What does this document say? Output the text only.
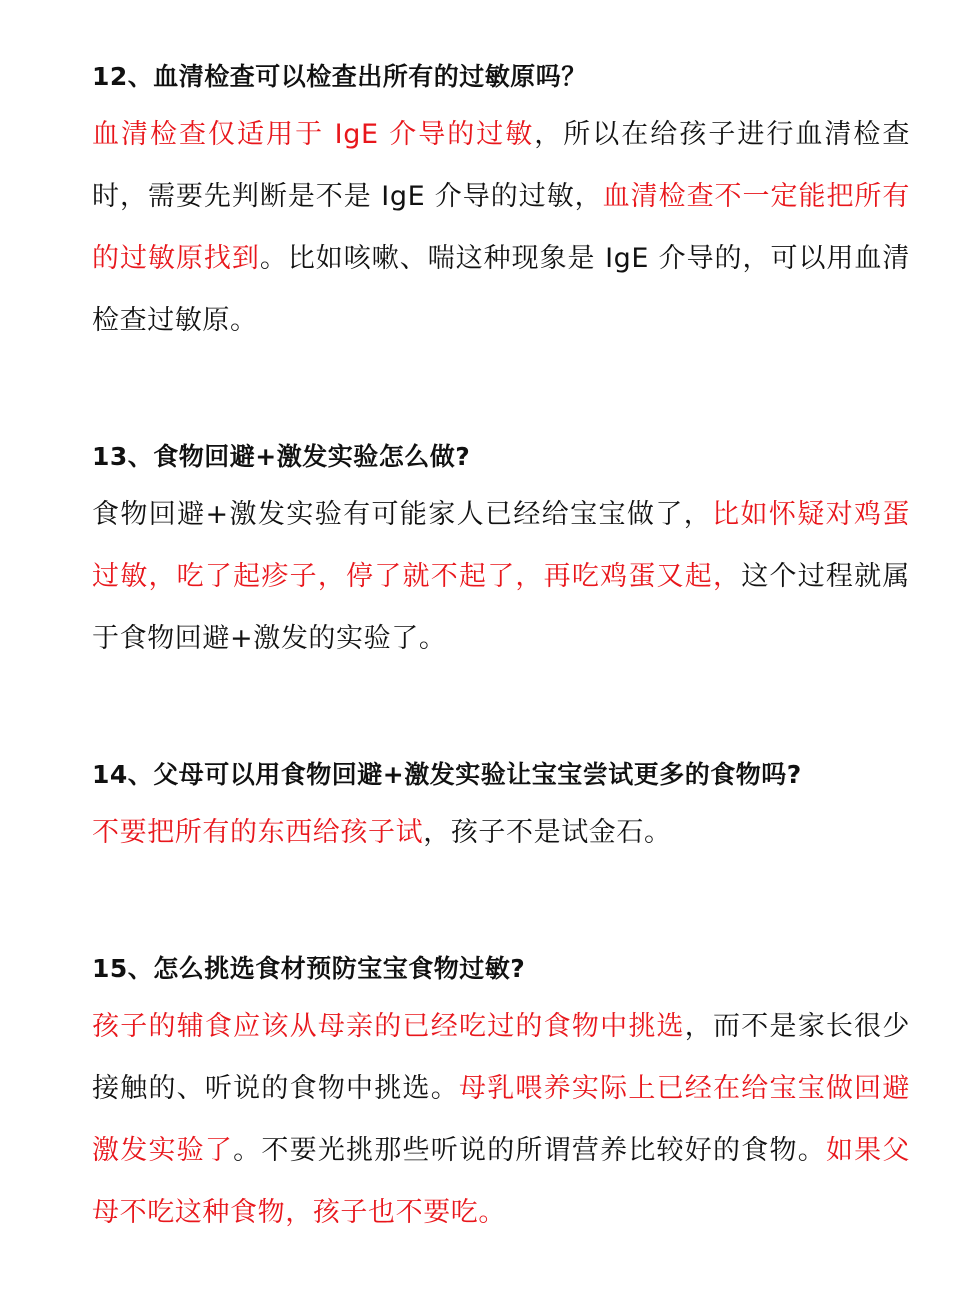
12、血清检查可以检查出所有的过敏原吗？

血清检查仅适用于 IgE 介导的过敏，所以在给孩子进行血清检查时，需要先判断是不是 IgE 介导的过敏，血清检查不一定能把所有的过敏原找到。比如咳嗽、喘这种现象是 IgE 介导的，可以用血清检查过敏原。

13、食物回避+激发实验怎么做?

食物回避+激发实验有可能家人已经给宝宝做了，比如怀疑对鸡蛋过敏，吃了起疹子，停了就不起了，再吃鸡蛋又起，这个过程就属于食物回避+激发的实验了。

14、父母可以用食物回避+激发实验让宝宝尝试更多的食物吗?

不要把所有的东西给孩子试，孩子不是试金石。

15、怎么挑选食材预防宝宝食物过敏?

孩子的辅食应该从母亲的已经吃过的食物中挑选，而不是家长很少接触的、听说的食物中挑选。母乳喂养实际上已经在给宝宝做回避激发实验了。不要光挑那些听说的所谓营养比较好的食物。如果父母不吃这种食物，孩子也不要吃。
